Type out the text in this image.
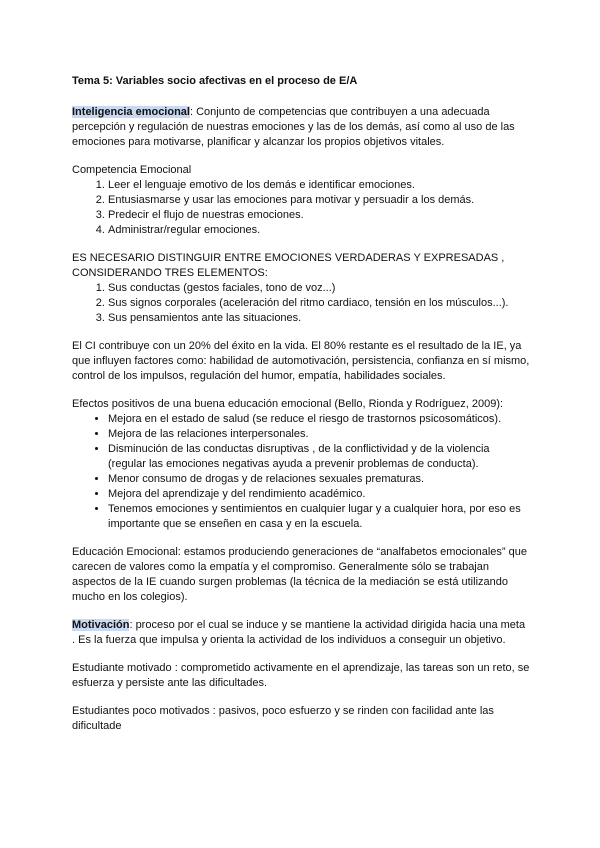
Tema 5: Variables socio afectivas en el proceso de E/A

Inteligencia emocional: Conjunto de competencias que contribuyen a una adecuada percepción y regulación de nuestras emociones y las de los demás, así como al uso de las emociones para motivarse, planificar y alcanzar los propios objetivos vitales.

Competencia Emocional

1. Leer el lenguaje emotivo de los demás e identificar emociones.
2. Entusiasmarse y usar las emociones para motivar y persuadir a los demás.
3. Predecir el flujo de nuestras emociones.
4. Administrar/regular emociones.

ES NECESARIO DISTINGUIR ENTRE EMOCIONES VERDADERAS Y EXPRESADAS , CONSIDERANDO TRES ELEMENTOS:

1. Sus conductas (gestos faciales, tono de voz...)
2. Sus signos corporales (aceleración del ritmo cardiaco, tensión en los músculos...).
3. Sus pensamientos ante las situaciones.

El CI contribuye con un 20% del éxito en la vida. El 80% restante es el resultado de la IE, ya que influyen factores como: habilidad de automotivación, persistencia, confianza en sí mismo, control de los impulsos, regulación del humor, empatía, habilidades sociales.

Efectos positivos de una buena educación emocional (Bello, Rionda y Rodríguez, 2009):

• Mejora en el estado de salud (se reduce el riesgo de trastornos psicosomáticos).
• Mejora de las relaciones interpersonales.
• Disminución de las conductas disruptivas , de la conflictividad y de la violencia (regular las emociones negativas ayuda a prevenir problemas de conducta).
• Menor consumo de drogas y de relaciones sexuales prematuras.
• Mejora del aprendizaje y del rendimiento académico.
• Tenemos emociones y sentimientos en cualquier lugar y a cualquier hora, por eso es importante que se enseñen en casa y en la escuela.

Educación Emocional: estamos produciendo generaciones de “analfabetos emocionales” que carecen de valores como la empatía y el compromiso. Generalmente sólo se trabajan aspectos de la IE cuando surgen problemas (la técnica de la mediación se está utilizando mucho en los colegios).

Motivación: proceso por el cual se induce y se mantiene la actividad dirigida hacia una meta . Es la fuerza que impulsa y orienta la actividad de los individuos a conseguir un objetivo.

Estudiante motivado : comprometido activamente en el aprendizaje, las tareas son un reto, se esfuerza y persiste ante las dificultades.

Estudiantes poco motivados : pasivos, poco esfuerzo y se rinden con facilidad ante las dificultade
